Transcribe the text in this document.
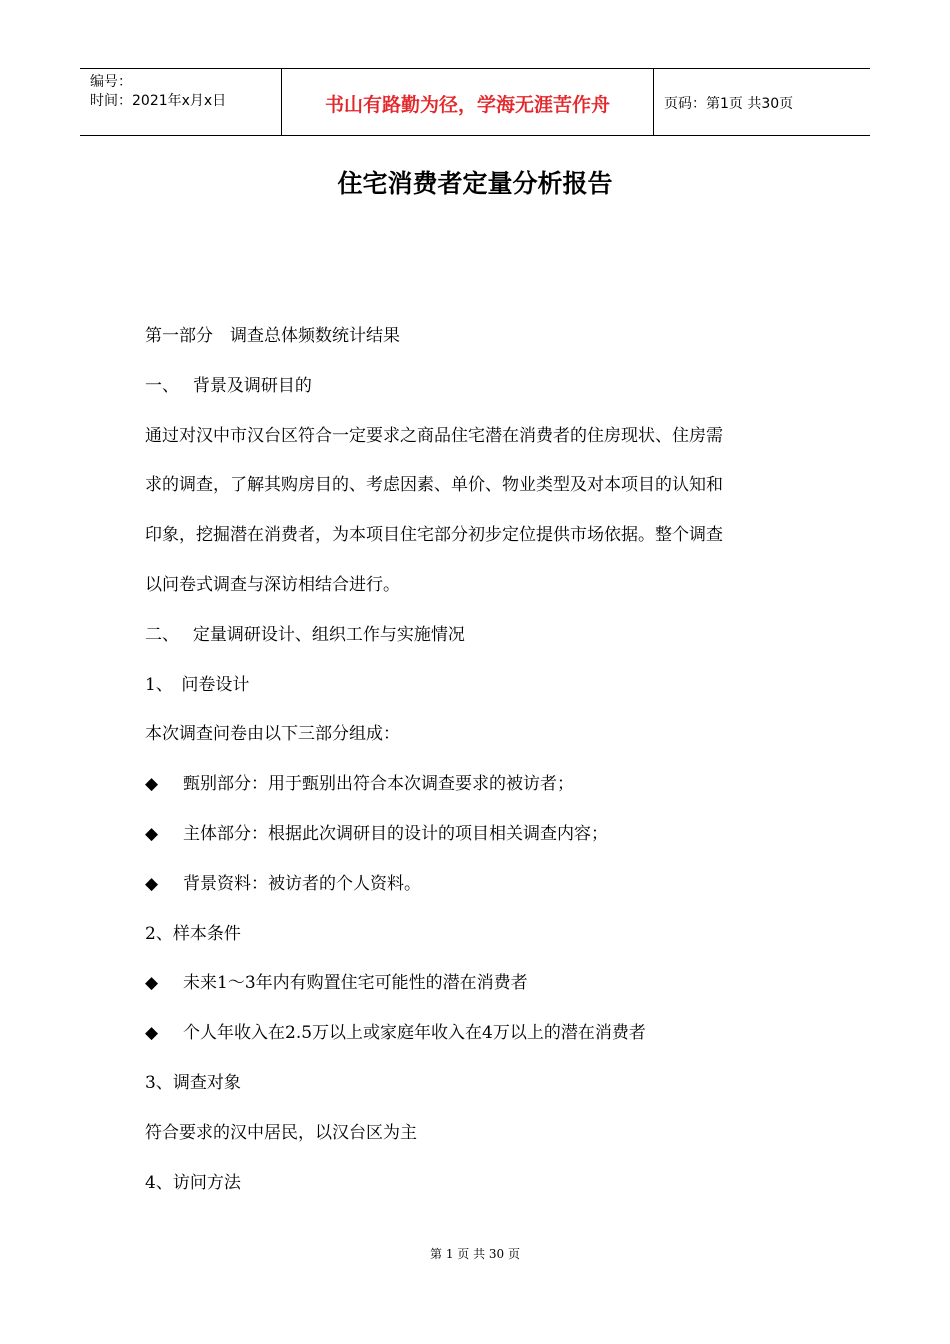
编号：
时间：2021年x月x日	书山有路勤为径，学海无涯苦作舟	页码：第1页 共30页
住宅消费者定量分析报告
第一部分　调查总体频数统计结果
一、　 背景及调研目的
通过对汉中市汉台区符合一定要求之商品住宅潜在消费者的住房现状、住房需
求的调查，了解其购房目的、考虑因素、单价、物业类型及对本项目的认知和
印象，挖掘潜在消费者，为本项目住宅部分初步定位提供市场依据。整个调查
以问卷式调查与深访相结合进行。
二、　 定量调研设计、组织工作与实施情况
1、　问卷设计
本次调查问卷由以下三部分组成：
◆ 甄别部分：用于甄别出符合本次调查要求的被访者；
◆ 主体部分：根据此次调研目的设计的项目相关调查内容；
◆ 背景资料：被访者的个人资料。
2、样本条件
◆ 未来1～3年内有购置住宅可能性的潜在消费者
◆ 个人年收入在2.5万以上或家庭年收入在4万以上的潜在消费者
3、调查对象
符合要求的汉中居民，以汉台区为主
4、访问方法
第 1 页 共 30 页
